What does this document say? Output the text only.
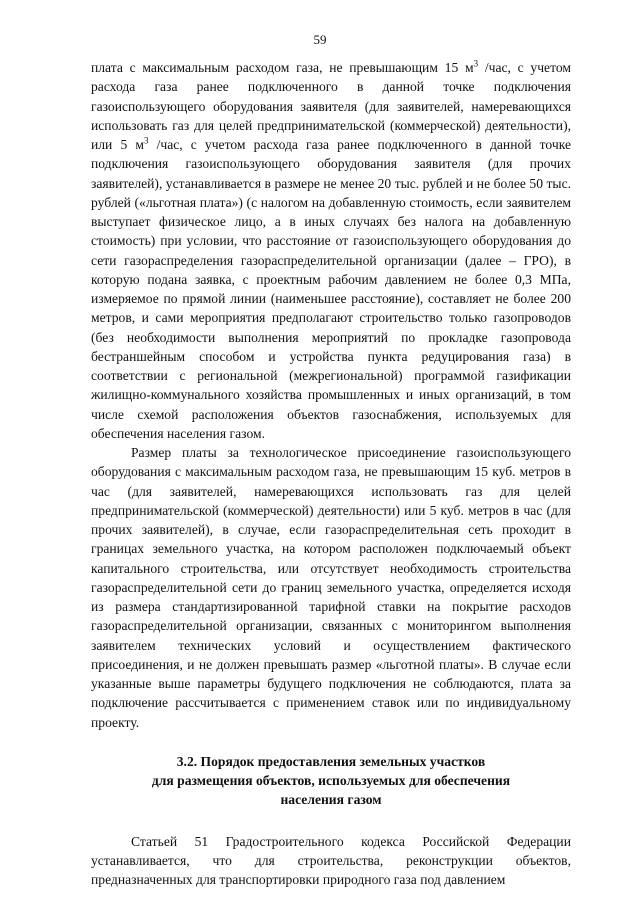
59

плата с максимальным расходом газа, не превышающим 15 $м^3$ /час, с учетом расхода газа ранее подключенного в данной точке подключения газоиспользующего оборудования заявителя (для заявителей, намеревающихся использовать газ для целей предпринимательской (коммерческой) деятельности), или 5 $м^3$ /час, с учетом расхода газа ранее подключенного в данной точке подключения газоиспользующего оборудования заявителя (для прочих заявителей), устанавливается в размере не менее 20 тыс. рублей и не более 50 тыс. рублей («льготная плата») (с налогом на добавленную стоимость, если заявителем выступает физическое лицо, а в иных случаях без налога на добавленную стоимость) при условии, что расстояние от газоиспользующего оборудования до сети газораспределения газораспределительной организации (далее – ГРО), в которую подана заявка, с проектным рабочим давлением не более 0,3 МПа, измеряемое по прямой линии (наименьшее расстояние), составляет не более 200 метров, и сами мероприятия предполагают строительство только газопроводов (без необходимости выполнения мероприятий по прокладке газопровода бестраншейным способом и устройства пункта редуцирования газа) в соответствии с региональной (межрегиональной) программой газификации жилищно-коммунального хозяйства промышленных и иных организаций, в том числе схемой расположения объектов газоснабжения, используемых для обеспечения населения газом.

Размер платы за технологическое присоединение газоиспользующего оборудования с максимальным расходом газа, не превышающим 15 куб. метров в час (для заявителей, намеревающихся использовать газ для целей предпринимательской (коммерческой) деятельности) или 5 куб. метров в час (для прочих заявителей), в случае, если газораспределительная сеть проходит в границах земельного участка, на котором расположен подключаемый объект капитального строительства, или отсутствует необходимость строительства газораспределительной сети до границ земельного участка, определяется исходя из размера стандартизированной тарифной ставки на покрытие расходов газораспределительной организации, связанных с мониторингом выполнения заявителем технических условий и осуществлением фактического присоединения, и не должен превышать размер «льготной платы». В случае если указанные выше параметры будущего подключения не соблюдаются, плата за подключение рассчитывается с применением ставок или по индивидуальному проекту.

3.2. Порядок предоставления земельных участков
для размещения объектов, используемых для обеспечения
населения газом

Статьей 51 Градостроительного кодекса Российской Федерации устанавливается, что для строительства, реконструкции объектов, предназначенных для транспортировки природного газа под давлением
